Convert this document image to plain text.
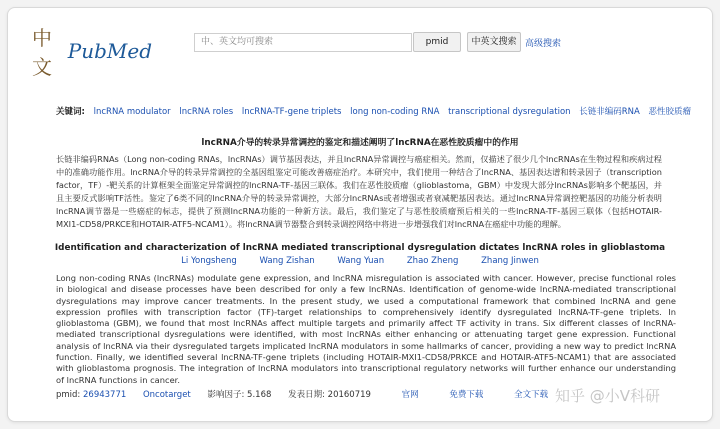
中文
PubMed	中、英文均可搜索	pmid	中英文搜索 高级搜索
关键词: lncRNA modulator lncRNA roles lncRNA-TF-gene triplets long non-coding RNA transcriptional dysregulation 长链非编码RNA 恶性胶质瘤
lncRNA介导的转录异常调控的鉴定和描述阐明了lncRNA在恶性胶质瘤中的作用
长链非编码RNAs（Long non-coding RNAs，lncRNAs）调节基因表达，并且lncRNA异常调控与癌症相关。然而，仅描述了很少几个lncRNAs在生物过程和疾病过程中的准确功能作用。lncRNA介导的转录异常调控的全基因组鉴定可能改善癌症治疗。本研究中，我们使用一种结合了lncRNA、基因表达谱和转录因子（transcription factor，TF）-靶关系的计算框架全面鉴定异常调控的lncRNA-TF-基因三联体。我们在恶性胶质瘤（glioblastoma，GBM）中发现大部分lncRNAs影响多个靶基因，并且主要反式影响TF活性。鉴定了6类不同的lncRNA介导的转录异常调控，大部分lncRNAs或者增强或者衰减靶基因表达。通过lncRNA异常调控靶基因的功能分析表明lncRNA调节器是一些癌症的标志，提供了预测lncRNA功能的一种新方法。最后，我们鉴定了与恶性胶质瘤预后相关的一些lncRNA-TF-基因三联体（包括HOTAIR-MXI1-CD58/PRKCE和HOTAIR-ATF5-NCAM1）。将lncRNA调节器整合到转录调控网络中将进一步增强我们对lncRNA在癌症中功能的理解。
Identification and characterization of lncRNA mediated transcriptional dysregulation dictates lncRNA roles in glioblastoma
Li Yongsheng	Wang Zishan	Wang Yuan	Zhao Zheng	Zhang Jinwen
Long non-coding RNAs (lncRNAs) modulate gene expression, and lncRNA misregulation is associated with cancer. However, precise functional roles in biological and disease processes have been described for only a few lncRNAs. Identification of genome-wide lncRNA-mediated transcriptional dysregulations may improve cancer treatments. In the present study, we used a computational framework that combined lncRNA and gene expression profiles with transcription factor (TF)-target relationships to comprehensively identify dysregulated lncRNA-TF-gene triplets. In glioblastoma (GBM), we found that most lncRNAs affect multiple targets and primarily affect TF activity in trans. Six different classes of lncRNA-mediated transcriptional dysregulations were identified, with most lncRNAs either enhancing or attenuating target gene expression. Functional analysis of lncRNA via their dysregulated targets implicated lncRNA modulators in some hallmarks of cancer, providing a new way to predict lncRNA function. Finally, we identified several lncRNA-TF-gene triplets (including HOTAIR-MXI1-CD58/PRKCE and HOTAIR-ATF5-NCAM1) that are associated with glioblastoma prognosis. The integration of lncRNA modulators into transcriptional regulatory networks will further enhance our understanding of lncRNA functions in cancer.
pmid: 26943771 Oncotarget 影响因子: 5.168 发表日期: 20160719	官网	免费下载	全文下载 知乎 @小V科研
